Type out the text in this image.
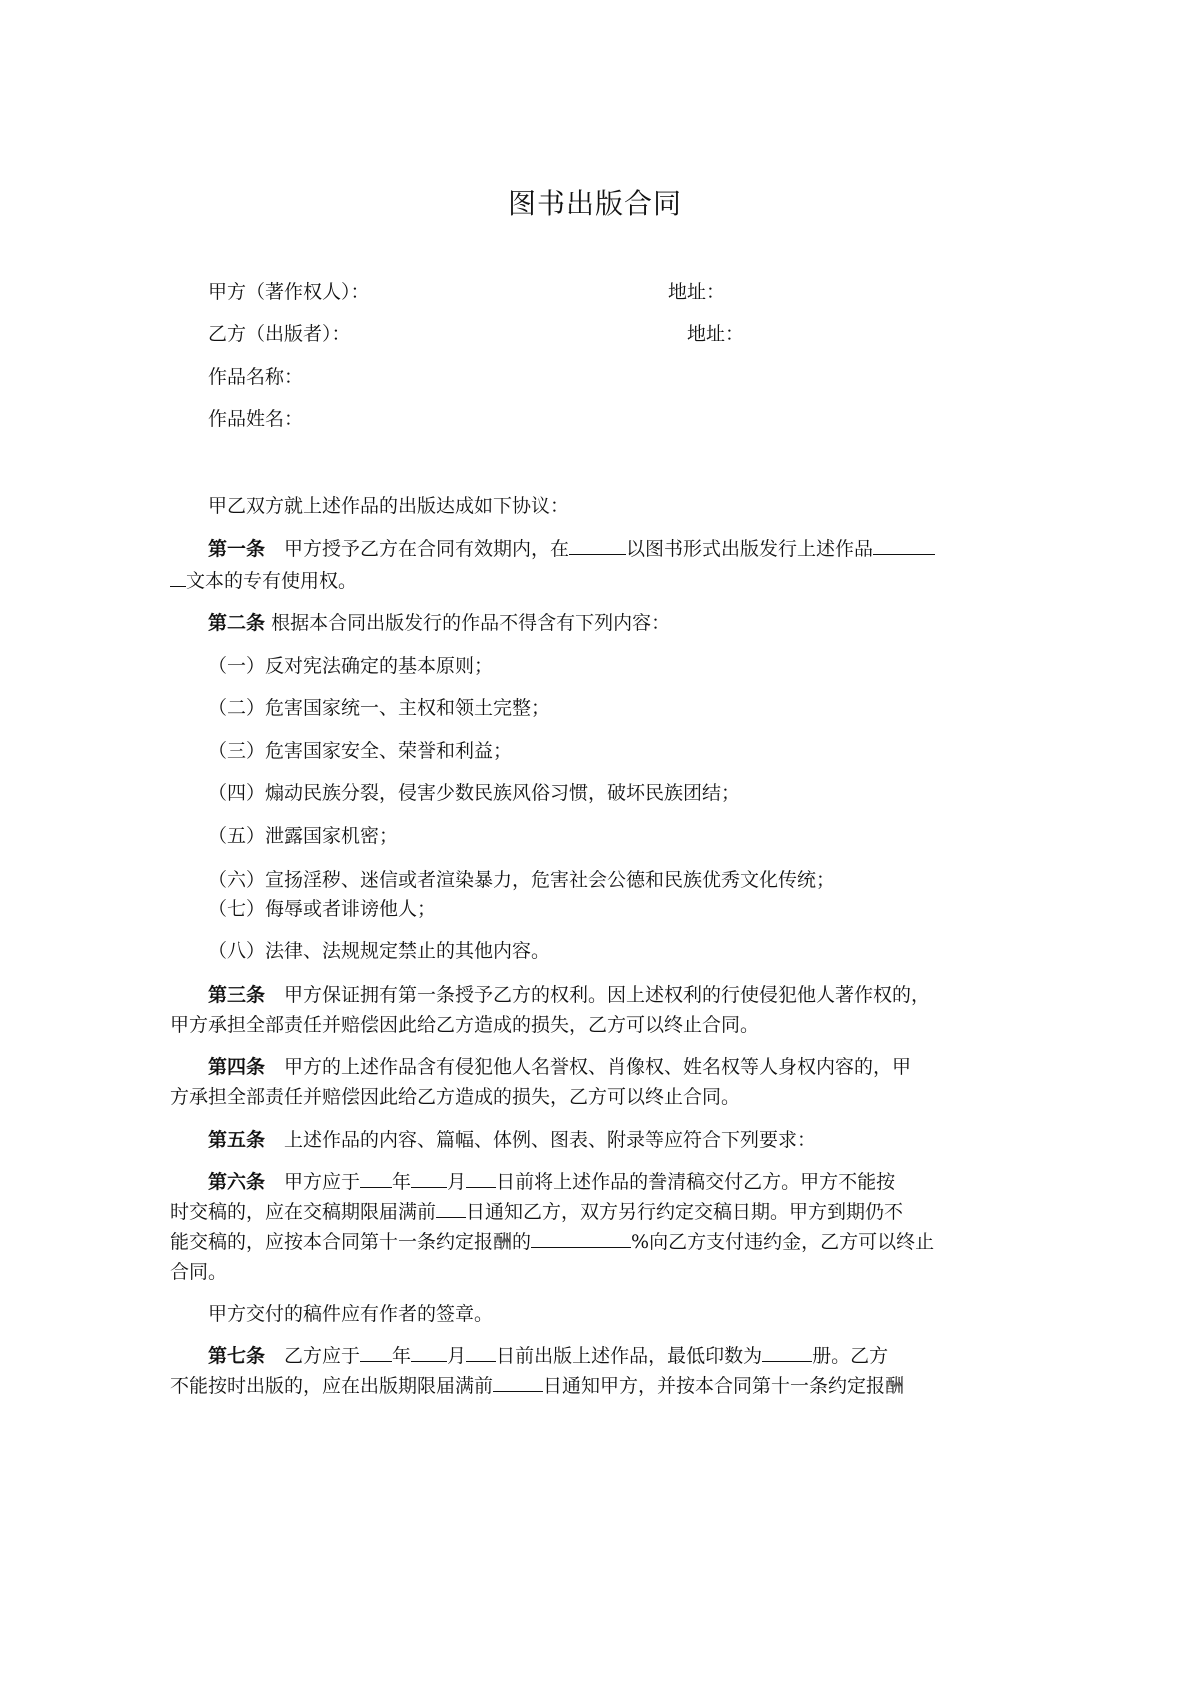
图书出版合同
甲方（著作权人）：	地址：
乙方（出版者）：	地址：
作品名称：
作品姓名：
甲乙双方就上述作品的出版达成如下协议：
第一条　 甲方授予乙方在合同有效期内，在	以图书形式出版发行上述作品
文本的专有使用权。
第二条 根据本合同出版发行的作品不得含有下列内容：
（一）反对宪法确定的基本原则；
（二）危害国家统一、主权和领土完整；
（三）危害国家安全、荣誉和利益；
（四）煽动民族分裂，侵害少数民族风俗习惯，破坏民族团结；
（五）泄露国家机密；
（六）宣扬淫秽、迷信或者渲染暴力，危害社会公德和民族优秀文化传统；
（七）侮辱或者诽谤他人；
（八）法律、法规规定禁止的其他内容。
第三条　 甲方保证拥有第一条授予乙方的权利。因上述权利的行使侵犯他人著作权的，
甲方承担全部责任并赔偿因此给乙方造成的损失，乙方可以终止合同。
第四条　 甲方的上述作品含有侵犯他人名誉权、肖像权、姓名权等人身权内容的，甲
方承担全部责任并赔偿因此给乙方造成的损失，乙方可以终止合同。
第五条　 上述作品的内容、篇幅、体例、图表、附录等应符合下列要求：
第六条　 甲方应于 年 月 日前将上述作品的誊清稿交付乙方。甲方不能按
时交稿的，应在交稿期限届满前 日通知乙方，双方另行约定交稿日期。甲方到期仍不
能交稿的，应按本合同第十一条约定报酬的	%向乙方支付违约金，乙方可以终止
合同。
甲方交付的稿件应有作者的签章。
第七条　 乙方应于 年 月 日前出版上述作品，最低印数为	册。乙方
不能按时出版的，应在出版期限届满前	日通知甲方，并按本合同第十一条约定报酬
